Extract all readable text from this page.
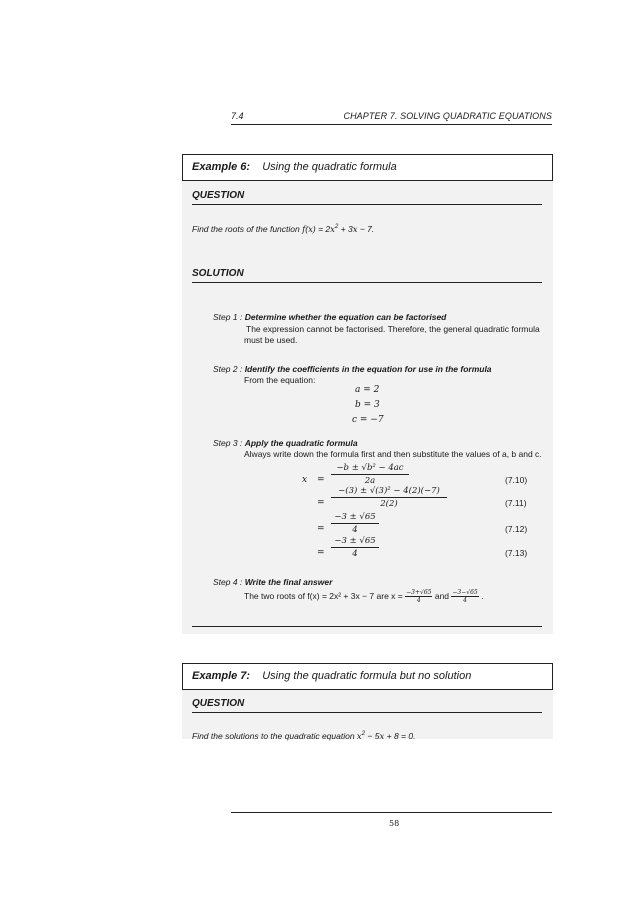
7.4	CHAPTER 7. SOLVING QUADRATIC EQUATIONS
Example 6: Using the quadratic formula
QUESTION
Find the roots of the function $f(x) = 2x^2 + 3x - 7$.
SOLUTION
Step 1 : Determine whether the equation can be factorised
The expression cannot be factorised. Therefore, the general quadratic formula
must be used.
Step 2 : Identify the coefficients in the equation for use in the formula
From the equation:
a = 2
b = 3
c = −7
Step 3 : Apply the quadratic formula
Always write down the formula first and then substitute the values of a, b and c.
$x = \frac{\text{−b ± √b² − 4ac}}{2a}$	(7.10)
= $\frac{\text{−(3) ± √(3)² − 4(2)(−7)}}{2(2)}$	(7.11)
= $\frac{-3 \pm √65}{4}$	(7.12)
= $\frac{-3 \pm √65}{4}$	(7.13)
Step 4 : Write the final answer
The two roots of f(x) = 2x² + 3x − 7 are $x = \frac{-3+√65}{4}$ and $\frac{-3-√65}{4}$ .
Example 7: Using the quadratic formula but no solution
QUESTION
Find the solutions to the quadratic equation $x^2 - 5x + 8 = 0$.
58
